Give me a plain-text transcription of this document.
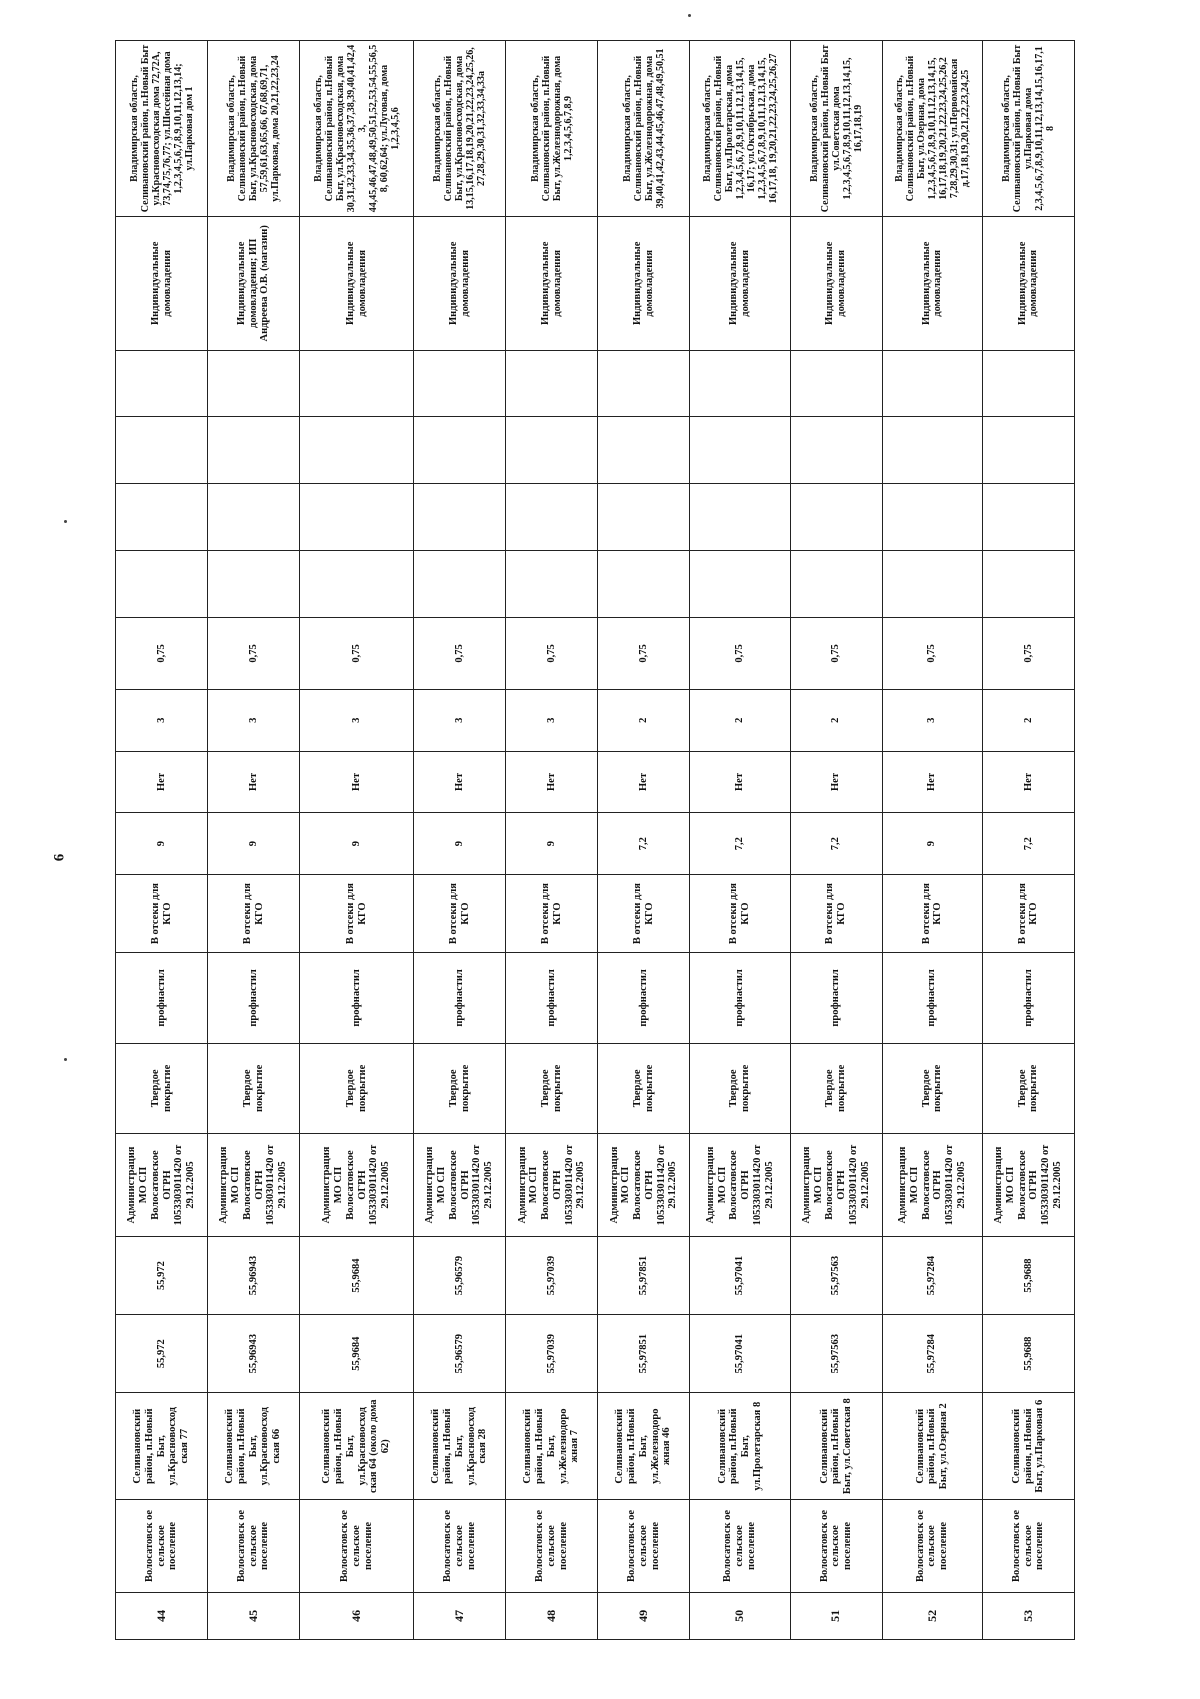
6
44	Волосатовск ое сельское поселение	Селивановский район, п.Новый Быт, ул.Красновосход ская 77	55,972	55,972	Администрация МО СП Волосатовское ОГРН 1053303011420 от 29.12.2005	Твердое покрытие	профнастил	В отсеки для КГО	9	Нет	3	0,75					Индивидуальные домовладения	Владимирская область, Селивановский район, п.Новый Быт ул.Красновосходская дома 72,72А, 73,74,75,76,77; ул.Шоссейная дома 1,2,3,4,5,6,7,8,9,10,11,12,13,14; ул.Парковая дом 1
45	Волосатовск ое сельское поселение	Селивановский район, п.Новый Быт, ул.Красновосход ская 66	55,96943	55,96943	Администрация МО СП Волосатовское ОГРН 1053303011420 от 29.12.2005	Твердое покрытие	профнастил	В отсеки для КГО	9	Нет	3	0,75					Индивидуальные домовладения; ИП Андреева О.В. (магазин)	Владимирская область, Селивановский район, п.Новый Быт, ул.Красновосходская, дома 57,59,61,63,65,66, 67,68,69,71, ул.Парковая, дома 20,21,22,23,24
46	Волосатовск ое сельское поселение	Селивановский район, п.Новый Быт, ул.Красновосход ская 64 (около дома 62)	55,9684	55,9684	Администрация МО СП Волосатовское ОГРН 1053303011420 от 29.12.2005	Твердое покрытие	профнастил	В отсеки для КГО	9	Нет	3	0,75					Индивидуальные домовладения	Владимирская область, Селивановский район, п.Новый Быт, ул.Красновосходская, дома 30,31,32,33,34,35,36,37,38,39,40,41,42,43, 44,45,46,47,48,49,50,51,52,53,54,55,56,58, 60,62,64; ул.Луговая, дома 1,2,3,4,5,6
47	Волосатовск ое сельское поселение	Селивановский район, п.Новый Быт, ул.Красновосход ская 28	55,96579	55,96579	Администрация МО СП Волосатовское ОГРН 1053303011420 от 29.12.2005	Твердое покрытие	профнастил	В отсеки для КГО	9	Нет	3	0,75					Индивидуальные домовладения	Владимирская область, Селивановский район, п.Новый Быт, ул.Красновосходская, дома 13,15,16,17,18,19,20,21,22,23,24,25,26, 27,28,29,30,31,32,33,34,33а
48	Волосатовск ое сельское поселение	Селивановский район, п.Новый Быт, ул.Железнодоро жная 7	55,97039	55,97039	Администрация МО СП Волосатовское ОГРН 1053303011420 от 29.12.2005	Твердое покрытие	профнастил	В отсеки для КГО	9	Нет	3	0,75					Индивидуальные домовладения	Владимирская область, Селивановский район, п.Новый Быт, ул.Железнодорожная, дома 1,2,3,4,5,6,7,8,9
49	Волосатовск ое сельское поселение	Селивановский район, п.Новый Быт, ул.Железнодоро жная 46	55,97851	55,97851	Администрация МО СП Волосатовское ОГРН 1053303011420 от 29.12.2005	Твердое покрытие	профнастил	В отсеки для КГО	7,2	Нет	2	0,75					Индивидуальные домовладения	Владимирская область, Селивановский район, п.Новый Быт, ул.Железнодорожная, дома 39,40,41,42,43,44,45,46,47,48,49,50,51
50	Волосатовск ое сельское поселение	Селивановский район, п.Новый Быт, ул.Пролетарская 8	55,97041	55,97041	Администрация МО СП Волосатовское ОГРН 1053303011420 от 29.12.2005	Твердое покрытие	профнастил	В отсеки для КГО	7,2	Нет	2	0,75					Индивидуальные домовладения	Владимирская область, Селивановский район, п.Новый Быт, ул.Пролетарская, дома 1,2,3,4,5,6,7,8,9,10,11,12,13,14,15, 16,17; ул.Октябрьская, дома 1,2,3,4,5,6,7,8,9,10,11,12,13,14,15, 16,17,18, 19,20,21,22,23,24,25,26,27
51	Волосатовск ое сельское поселение	Селивановский район, п.Новый Быт, ул.Советская 8	55,97563	55,97563	Администрация МО СП Волосатовское ОГРН 1053303011420 от 29.12.2005	Твердое покрытие	профнастил	В отсеки для КГО	7,2	Нет	2	0,75					Индивидуальные домовладения	Владимирская область, Селивановский район, п.Новый Быт ул.Советская дома 1,2,3,4,5,6,7,8,9,10,11,12,13,14,15, 16,17,18,19
52	Волосатовск ое сельское поселение	Селивановский район, п.Новый Быт, ул.Озерная 2	55,97284	55,97284	Администрация МО СП Волосатовское ОГРН 1053303011420 от 29.12.2005	Твердое покрытие	профнастил	В отсеки для КГО	9	Нет	3	0,75					Индивидуальные домовладения	Владимирская область, Селивановский район, п.Новый Быт, ул.Озерная, дома 1,2,3,4,5,6,7,8,9,10,11,12,13,14,15, 16,17,18,19,20,21,22,23,24,25,26,2 7,28,29,30,31; ул.Первомайская д.17,18,19,20,21,22,23,24,25
53	Волосатовск ое сельское поселение	Селивановский район, п.Новый Быт, ул.Парковая 6	55,9688	55,9688	Администрация МО СП Волосатовское ОГРН 1053303011420 от 29.12.2005	Твердое покрытие	профнастил	В отсеки для КГО	7,2	Нет	2	0,75					Индивидуальные домовладения	Владимирская область, Селивановский район, п.Новый Быт ул.Парковая дома 2,3,4,5,6,7,8,9,10,11,12,13,14,15,16,17,18
